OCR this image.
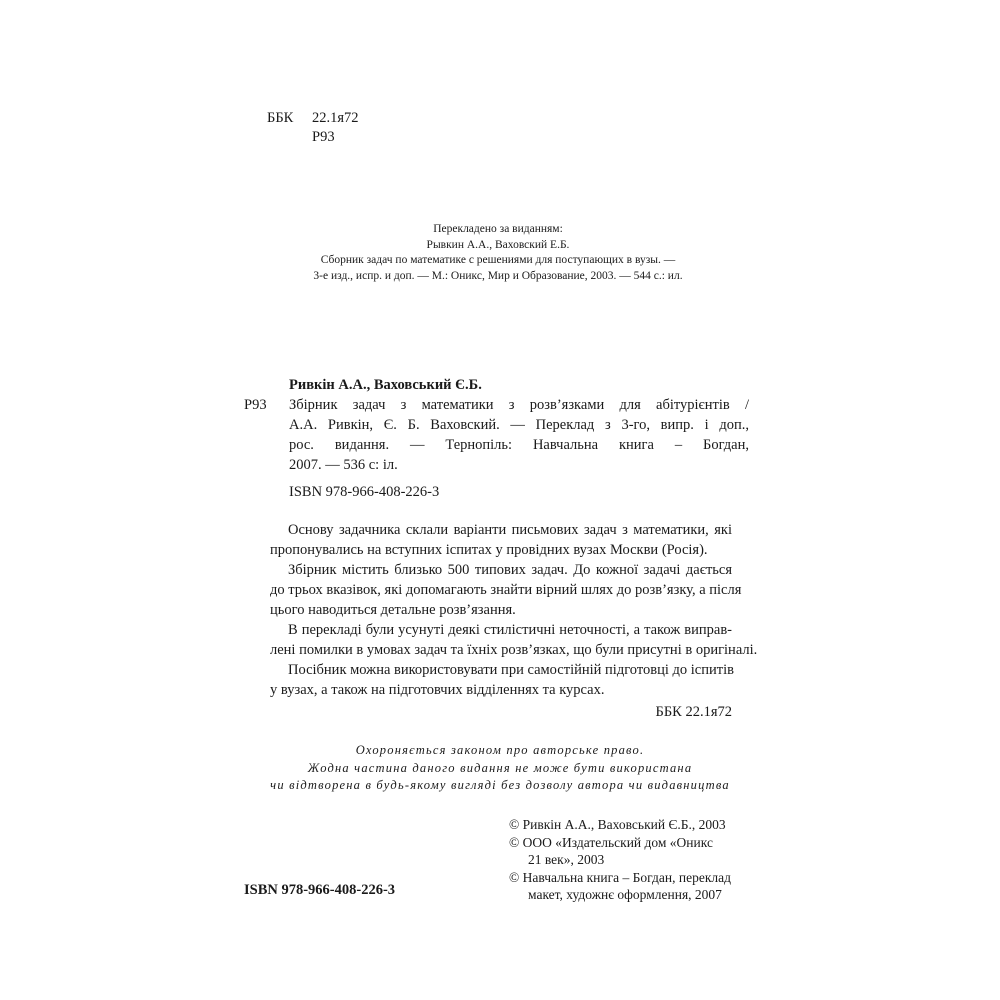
ББК 22.1я72
Р93
Перекладено за виданням:
Рывкин А.А., Ваховский Е.Б.
Сборник задач по математике с решениями для поступающих в вузы. —
3-е изд., испр. и доп. — М.: Оникс, Мир и Образование, 2003. — 544 с.: ил.
Ривкін А.А., Ваховський Є.Б.
Р93 Збірник задач з математики з розв’язками для абітурієнтів /
А.А. Ривкін, Є. Б. Ваховский. — Переклад з 3-го, випр. і доп.,
рос. видання. — Тернопіль: Навчальна книга – Богдан,
2007. — 536 с: іл.
ISBN 978-966-408-226-3
Основу задачника склали варіанти письмових задач з математики, які
пропонувались на вступних іспитах у провідних вузах Москви (Росія).
Збірник містить близько 500 типових задач. До кожної задачі дається
до трьох вказівок, які допомагають знайти вірний шлях до розв’язку, а після
цього наводиться детальне розв’язання.
В перекладі були усунуті деякі стилістичні неточності, а також виправ-
лені помилки в умовах задач та їхніх розв’язках, що були присутні в оригіналі.
Посібник можна використовувати при самостійній підготовці до іспитів
у вузах, а також на підготовчих відділеннях та курсах.
ББК 22.1я72
Охороняється законом про авторське право.
Жодна частина даного видання не може бути використана
чи відтворена в будь-якому вигляді без дозволу автора чи видавництва
© Ривкін А.А., Ваховський Є.Б., 2003
© ООО «Издательский дом «Оникс
21 век», 2003
© Навчальна книга – Богдан, переклад
макет, художнє оформлення, 2007
ISBN 978-966-408-226-3
